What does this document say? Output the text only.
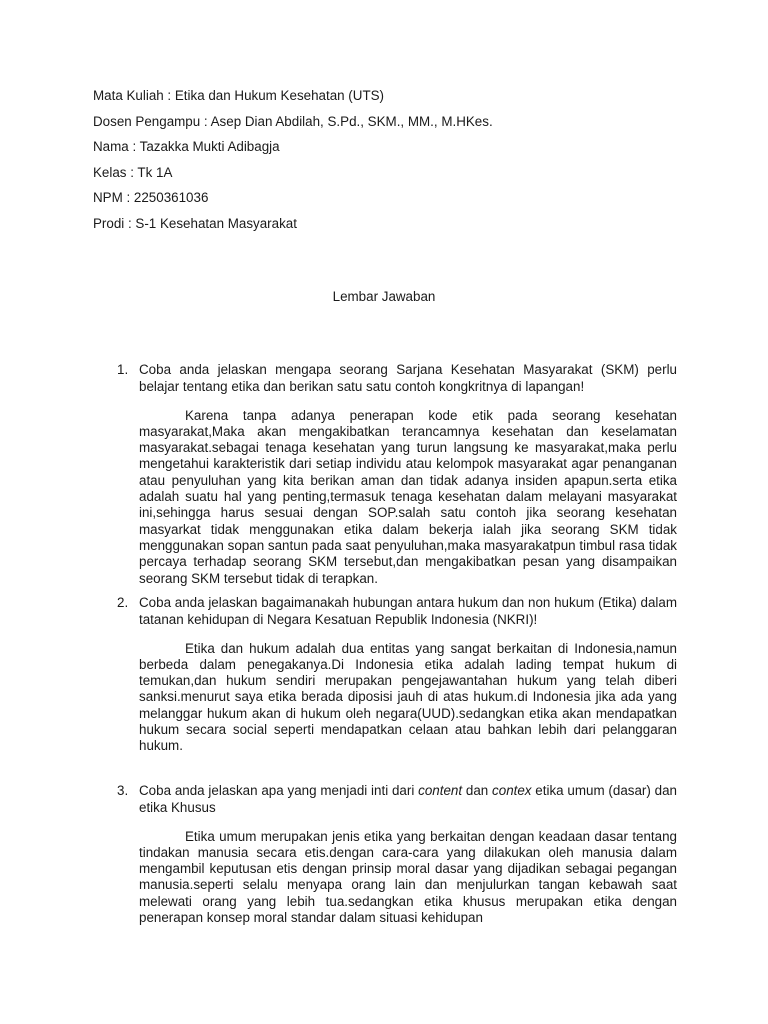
Mata Kuliah : Etika dan Hukum Kesehatan (UTS)
Dosen Pengampu : Asep Dian Abdilah, S.Pd., SKM., MM., M.HKes.
Nama : Tazakka Mukti Adibagja
Kelas : Tk 1A
NPM : 2250361036
Prodi : S-1 Kesehatan Masyarakat
Lembar Jawaban
1. Coba anda jelaskan mengapa seorang Sarjana Kesehatan Masyarakat (SKM) perlu belajar tentang etika dan berikan satu satu contoh kongkritnya di lapangan!
Karena tanpa adanya penerapan kode etik pada seorang kesehatan masyarakat,Maka akan mengakibatkan terancamnya kesehatan dan keselamatan masyarakat.sebagai tenaga kesehatan yang turun langsung ke masyarakat,maka perlu mengetahui karakteristik dari setiap individu atau kelompok masyarakat agar penanganan atau penyuluhan yang kita berikan aman dan tidak adanya insiden apapun.serta etika adalah suatu hal yang penting,termasuk tenaga kesehatan dalam melayani masyarakat ini,sehingga harus sesuai dengan SOP.salah satu contoh jika seorang kesehatan masyarkat tidak menggunakan etika dalam bekerja ialah jika seorang SKM tidak menggunakan sopan santun pada saat penyuluhan,maka masyarakatpun timbul rasa tidak percaya terhadap seorang SKM tersebut,dan mengakibatkan pesan yang disampaikan seorang SKM tersebut tidak di terapkan.
2. Coba anda jelaskan bagaimanakah hubungan antara hukum dan non hukum (Etika) dalam tatanan kehidupan di Negara Kesatuan Republik Indonesia (NKRI)!
Etika dan hukum adalah dua entitas yang sangat berkaitan di Indonesia,namun berbeda dalam penegakanya.Di Indonesia etika adalah lading tempat hukum di temukan,dan hukum sendiri merupakan pengejawantahan hukum yang telah diberi sanksi.menurut saya etika berada diposisi jauh di atas hukum.di Indonesia jika ada yang melanggar hukum akan di hukum oleh negara(UUD).sedangkan etika akan mendapatkan hukum secara social seperti mendapatkan celaan atau bahkan lebih dari pelanggaran hukum.
3. Coba anda jelaskan apa yang menjadi inti dari content dan contex etika umum (dasar) dan etika Khusus
Etika umum merupakan jenis etika yang berkaitan dengan keadaan dasar tentang tindakan manusia secara etis.dengan cara-cara yang dilakukan oleh manusia dalam mengambil keputusan etis dengan prinsip moral dasar yang dijadikan sebagai pegangan manusia.seperti selalu menyapa orang lain dan menjulurkan tangan kebawah saat melewati orang yang lebih tua.sedangkan etika khusus merupakan etika dengan penerapan konsep moral standar dalam situasi kehidupan
